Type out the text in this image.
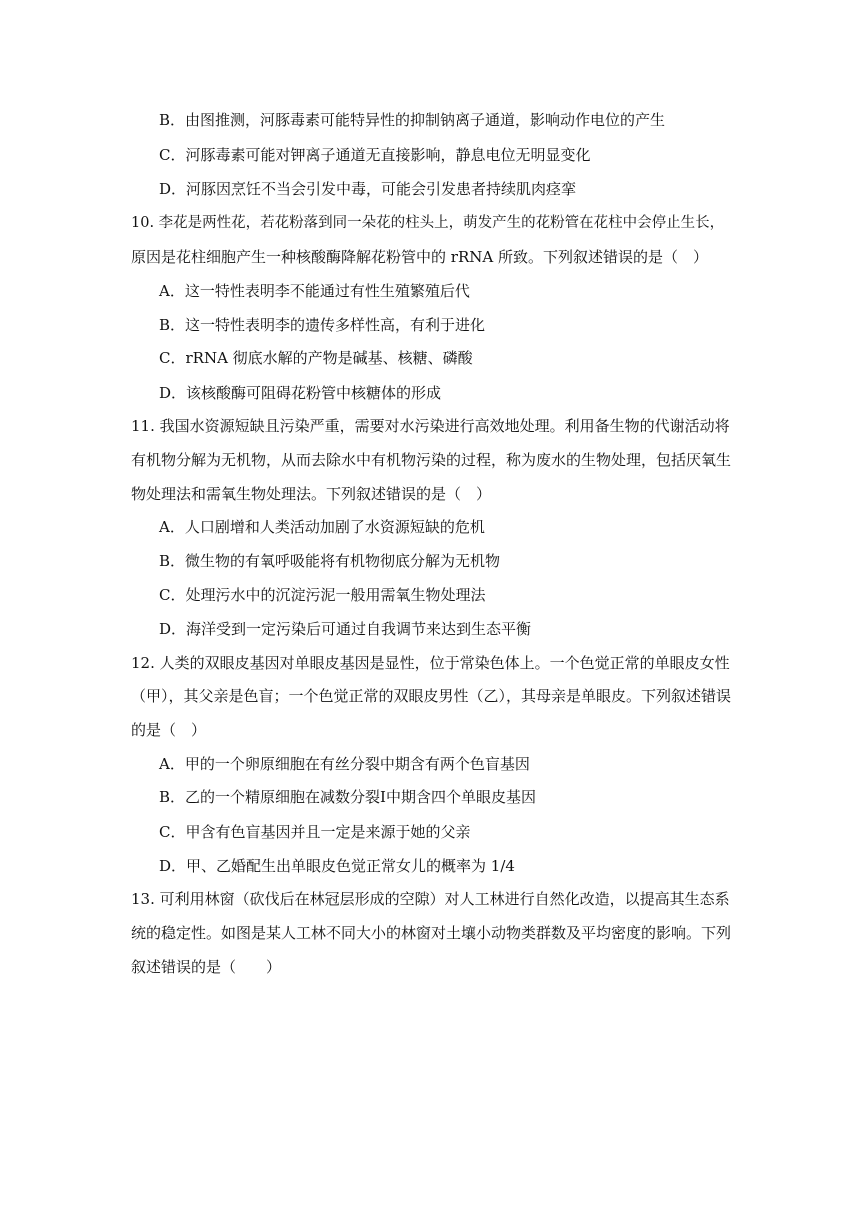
B．由图推测，河豚毒素可能特异性的抑制钠离子通道，影响动作电位的产生
C．河豚毒素可能对钾离子通道无直接影响，静息电位无明显变化
D．河豚因烹饪不当会引发中毒，可能会引发患者持续肌肉痉挛
10. 李花是两性花，若花粉落到同一朵花的柱头上，萌发产生的花粉管在花柱中会停止生长，
原因是花柱细胞产生一种核酸酶降解花粉管中的 rRNA 所致。下列叙述错误的是（　）
A．这一特性表明李不能通过有性生殖繁殖后代
B．这一特性表明李的遗传多样性高，有利于进化
C．rRNA 彻底水解的产物是碱基、核糖、磷酸
D．该核酸酶可阻碍花粉管中核糖体的形成
11. 我国水资源短缺且污染严重，需要对水污染进行高效地处理。利用备生物的代谢活动将
有机物分解为无机物，从而去除水中有机物污染的过程，称为废水的生物处理，包括厌氧生
物处理法和需氧生物处理法。下列叙述错误的是（　）
A．人口剧增和人类活动加剧了水资源短缺的危机
B．微生物的有氧呼吸能将有机物彻底分解为无机物
C．处理污水中的沉淀污泥一般用需氧生物处理法
D．海洋受到一定污染后可通过自我调节来达到生态平衡
12. 人类的双眼皮基因对单眼皮基因是显性，位于常染色体上。一个色觉正常的单眼皮女性
（甲），其父亲是色盲；一个色觉正常的双眼皮男性（乙），其母亲是单眼皮。下列叙述错误
的是（　）
A．甲的一个卵原细胞在有丝分裂中期含有两个色盲基因
B．乙的一个精原细胞在减数分裂Ⅰ中期含四个单眼皮基因
C．甲含有色盲基因并且一定是来源于她的父亲
D．甲、乙婚配生出单眼皮色觉正常女儿的概率为 1/4
13. 可利用林窗（砍伐后在林冠层形成的空隙）对人工林进行自然化改造，以提高其生态系
统的稳定性。如图是某人工林不同大小的林窗对土壤小动物类群数及平均密度的影响。下列
叙述错误的是（　　）
